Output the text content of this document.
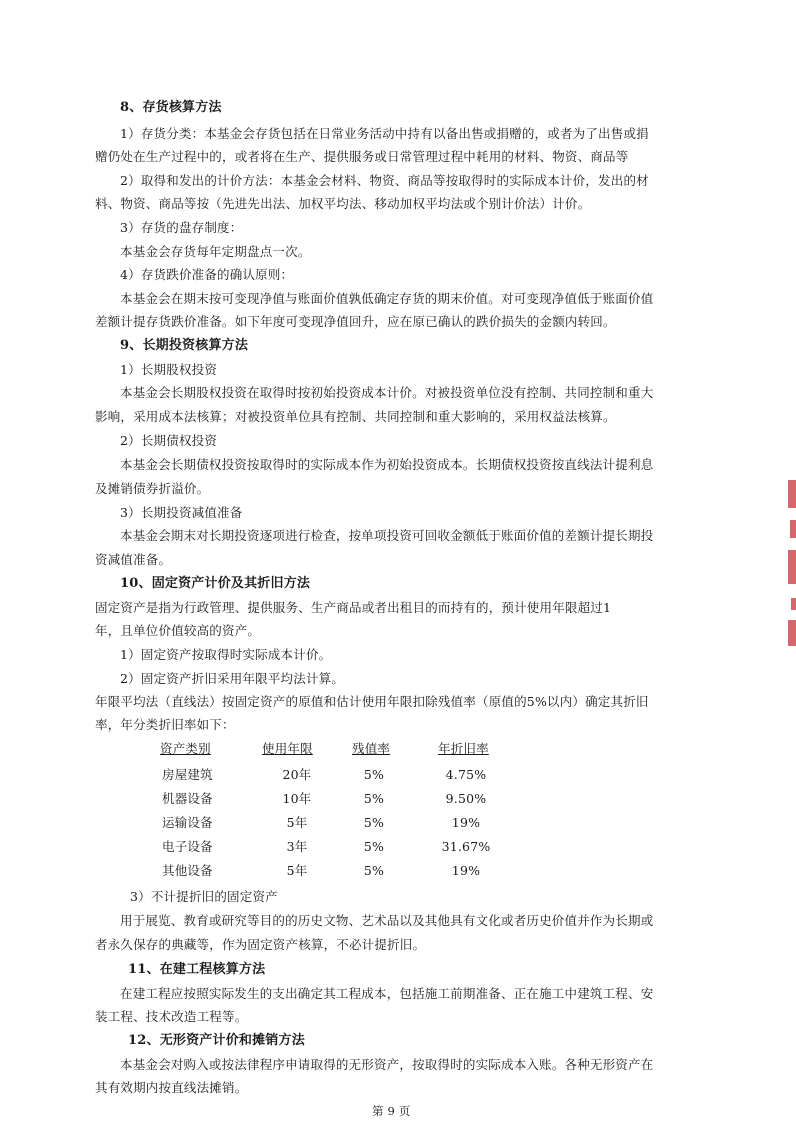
8、存货核算方法
1）存货分类：本基金会存货包括在日常业务活动中持有以备出售或捐赠的，或者为了出售或捐
赠仍处在生产过程中的，或者将在生产、提供服务或日常管理过程中耗用的材料、物资、商品等
2）取得和发出的计价方法：本基金会材料、物资、商品等按取得时的实际成本计价，发出的材
料、物资、商品等按（先进先出法、加权平均法、移动加权平均法或个别计价法）计价。
3）存货的盘存制度：
本基金会存货每年定期盘点一次。
4）存货跌价准备的确认原则：
本基金会在期末按可变现净值与账面价值孰低确定存货的期末价值。对可变现净值低于账面价值
差额计提存货跌价准备。如下年度可变现净值回升，应在原已确认的跌价损失的金额内转回。
9、长期投资核算方法
1）长期股权投资
本基金会长期股权投资在取得时按初始投资成本计价。对被投资单位没有控制、共同控制和重大
影响，采用成本法核算；对被投资单位具有控制、共同控制和重大影响的，采用权益法核算。
2）长期债权投资
本基金会长期债权投资按取得时的实际成本作为初始投资成本。长期债权投资按直线法计提利息
及摊销债券折溢价。
3）长期投资减值准备
本基金会期末对长期投资逐项进行检查，按单项投资可回收金额低于账面价值的差额计提长期投
资减值准备。
10、固定资产计价及其折旧方法
固定资产是指为行政管理、提供服务、生产商品或者出租目的而持有的，预计使用年限超过1
年，且单位价值较高的资产。
1）固定资产按取得时实际成本计价。
2）固定资产折旧采用年限平均法计算。
年限平均法（直线法）按固定资产的原值和估计使用年限扣除残值率（原值的5%以内）确定其折旧
率，年分类折旧率如下：
资产类别	使用年限	残值率	年折旧率
房屋建筑	20年	5%	4.75%
机器设备	10年	5%	9.50%
运输设备	5年	5%	19%
电子设备	3年	5%	31.67%
其他设备	5年	5%	19%
3）不计提折旧的固定资产
用于展览、教育或研究等目的的历史文物、艺术品以及其他具有文化或者历史价值并作为长期或
者永久保存的典藏等，作为固定资产核算，不必计提折旧。
11、在建工程核算方法
在建工程应按照实际发生的支出确定其工程成本，包括施工前期准备、正在施工中建筑工程、安
装工程、技术改造工程等。
12、无形资产计价和摊销方法
本基金会对购入或按法律程序申请取得的无形资产，按取得时的实际成本入账。各种无形资产在
其有效期内按直线法摊销。
第 9 页
